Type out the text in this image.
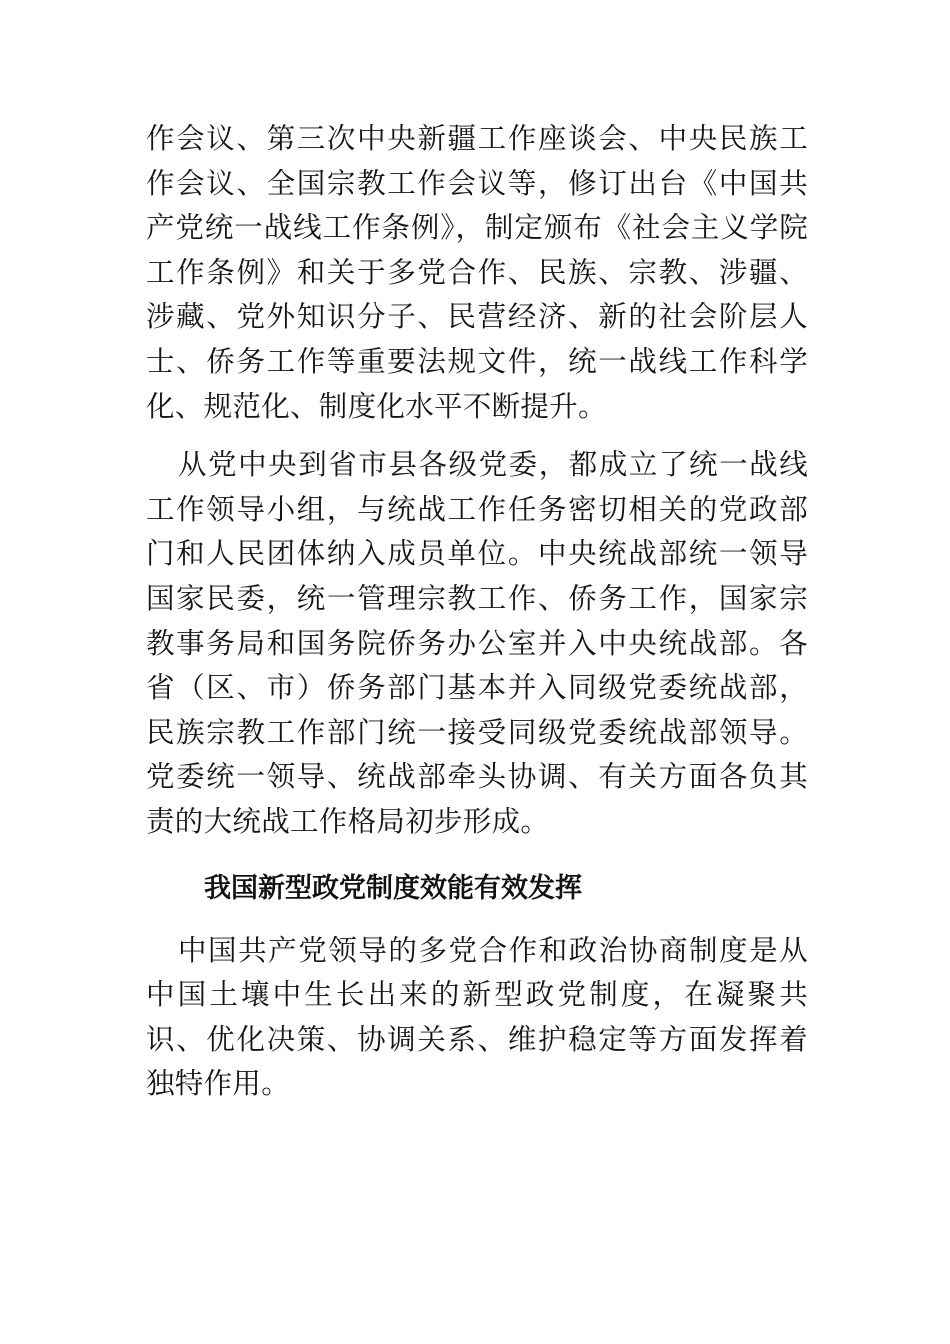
作会议、第三次中央新疆工作座谈会、中央民族工作会议、全国宗教工作会议等，修订出台《中国共产党统一战线工作条例》，制定颁布《社会主义学院工作条例》和关于多党合作、民族、宗教、涉疆、涉藏、党外知识分子、民营经济、新的社会阶层人士、侨务工作等重要法规文件，统一战线工作科学化、规范化、制度化水平不断提升。

从党中央到省市县各级党委，都成立了统一战线工作领导小组，与统战工作任务密切相关的党政部门和人民团体纳入成员单位。中央统战部统一领导国家民委，统一管理宗教工作、侨务工作，国家宗教事务局和国务院侨务办公室并入中央统战部。各省（区、市）侨务部门基本并入同级党委统战部，民族宗教工作部门统一接受同级党委统战部领导。党委统一领导、统战部牵头协调、有关方面各负其责的大统战工作格局初步形成。

我国新型政党制度效能有效发挥

中国共产党领导的多党合作和政治协商制度是从中国土壤中生长出来的新型政党制度，在凝聚共识、优化决策、协调关系、维护稳定等方面发挥着独特作用。
